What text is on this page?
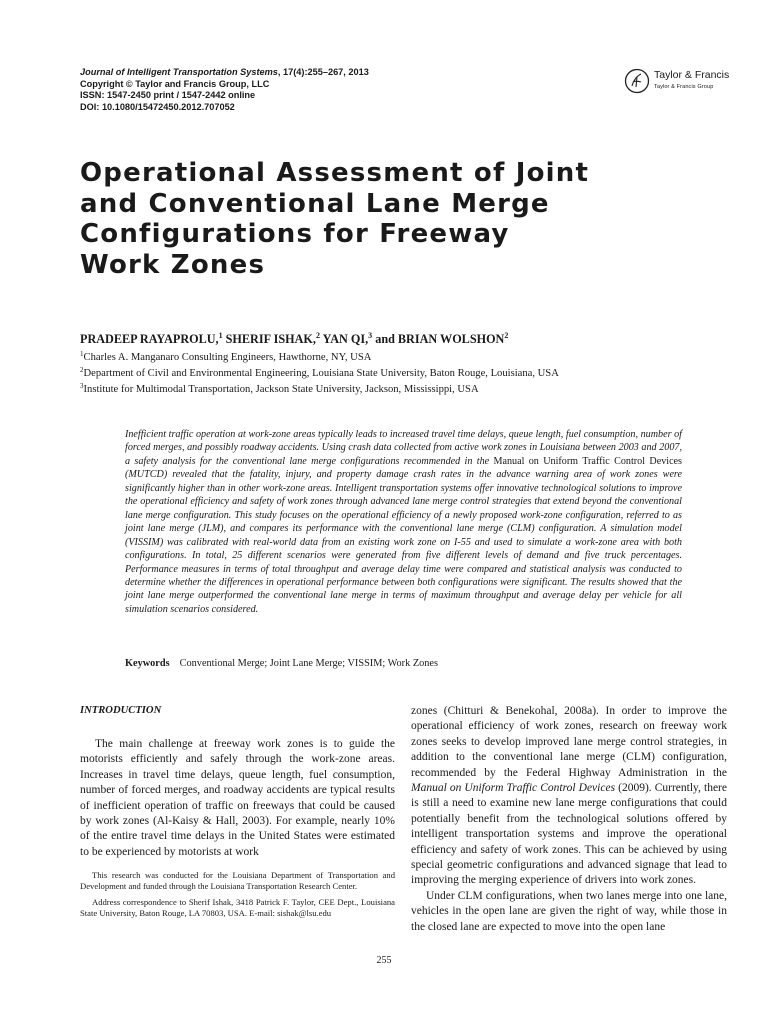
Journal of Intelligent Transportation Systems, 17(4):255–267, 2013
Copyright © Taylor and Francis Group, LLC
ISSN: 1547-2450 print / 1547-2442 online
DOI: 10.1080/15472450.2012.707052
Taylor & Francis
Taylor & Francis Group
Operational Assessment of Joint
and Conventional Lane Merge
Configurations for Freeway
Work Zones
PRADEEP RAYAPROLU,$^1$ SHERIF ISHAK,$^2$ YAN QI,$^3$ and BRIAN WOLSHON$^2$
$^1$Charles A. Manganaro Consulting Engineers, Hawthorne, NY, USA
$^2$Department of Civil and Environmental Engineering, Louisiana State University, Baton Rouge, Louisiana, USA
$^3$Institute for Multimodal Transportation, Jackson State University, Jackson, Mississippi, USA

Inefficient traffic operation at work-zone areas typically leads to increased travel time delays, queue length, fuel consumption, number of forced merges, and possibly roadway accidents. Using crash data collected from active work zones in Louisiana between 2003 and 2007, a safety analysis for the conventional lane merge configurations recommended in the Manual on Uniform Traffic Control Devices (MUTCD) revealed that the fatality, injury, and property damage crash rates in the advance warning area of work zones were significantly higher than in other work-zone areas. Intelligent transportation systems offer innovative technological solutions to improve the operational efficiency and safety of work zones through advanced lane merge control strategies that extend beyond the conventional lane merge configuration. This study focuses on the operational efficiency of a newly proposed work-zone configuration, referred to as joint lane merge (JLM), and compares its performance with the conventional lane merge (CLM) configuration. A simulation model (VISSIM) was calibrated with real-world data from an existing work zone on I-55 and used to simulate a work-zone area with both configurations. In total, 25 different scenarios were generated from five different levels of demand and five truck percentages. Performance measures in terms of total throughput and average delay time were compared and statistical analysis was conducted to determine whether the differences in operational performance between both configurations were significant. The results showed that the joint lane merge outperformed the conventional lane merge in terms of maximum throughput and average delay per vehicle for all simulation scenarios considered.

Keywords Conventional Merge; Joint Lane Merge; VISSIM; Work Zones
INTRODUCTION

The main challenge at freeway work zones is to guide the motorists efficiently and safely through the work-zone areas. Increases in travel time delays, queue length, fuel consumption, number of forced merges, and roadway accidents are typical results of inefficient operation of traffic on freeways that could be caused by work zones (Al-Kaisy & Hall, 2003). For example, nearly 10% of the entire travel time delays in the United States were estimated to be experienced by motorists at work

This research was conducted for the Louisiana Department of Transportation and Development and funded through the Louisiana Transportation Research Center.

Address correspondence to Sherif Ishak, 3418 Patrick F. Taylor, CEE Dept., Louisiana State University, Baton Rouge, LA 70803, USA. E-mail: sishak@lsu.edu

zones (Chitturi & Benekohal, 2008a). In order to improve the operational efficiency of work zones, research on freeway work zones seeks to develop improved lane merge control strategies, in addition to the conventional lane merge (CLM) configuration, recommended by the Federal Highway Administration in the Manual on Uniform Traffic Control Devices (2009). Currently, there is still a need to examine new lane merge configurations that could potentially benefit from the technological solutions offered by intelligent transportation systems and improve the operational efficiency and safety of work zones. This can be achieved by using special geometric configurations and advanced signage that lead to improving the merging experience of drivers into work zones.

Under CLM configurations, when two lanes merge into one lane, vehicles in the open lane are given the right of way, while those in the closed lane are expected to move into the open lane

255
